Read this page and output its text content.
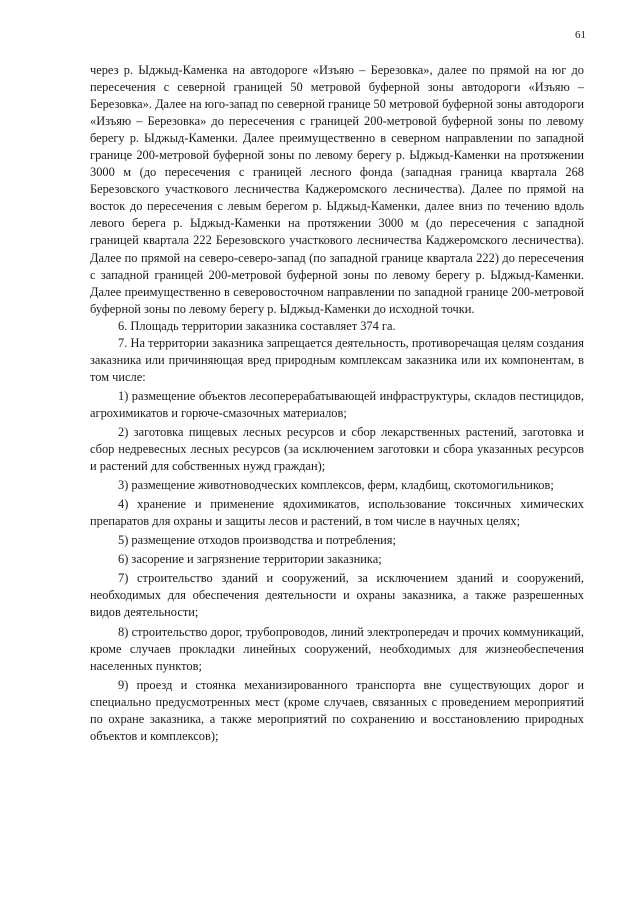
61

через р. Ыджыд-Каменка на автодороге «Изъяю – Березовка», далее по прямой на юг до пересечения с северной границей 50 метровой буферной зоны автодороги «Изъяю – Березовка». Далее на юго-запад по северной границе 50 метровой буферной зоны автодороги «Изъяю – Березовка» до пересечения с границей 200-метровой буферной зоны по левому берегу р. Ыджыд-Каменки. Далее преимущественно в северном направлении по западной границе 200-метровой буферной зоны по левому берегу р. Ыджыд-Каменки на протяжении 3000 м (до пересечения с границей лесного фонда (западная граница квартала 268 Березовского участкового лесничества Каджеромского лесничества). Далее по прямой на восток до пересечения с левым берегом р. Ыджыд-Каменки, далее вниз по течению вдоль левого берега р. Ыджыд-Каменки на протяжении 3000 м (до пересечения с западной границей квартала 222 Березовского участкового лесничества Каджеромского лесничества). Далее по прямой на северо-северо-запад (по западной границе квартала 222) до пересечения с западной границей 200-метровой буферной зоны по левому берегу р. Ыджыд-Каменки. Далее преимущественно в северовосточном направлении по западной границе 200-метровой буферной зоны по левому берегу р. Ыджыд-Каменки до исходной точки.

6. Площадь территории заказника составляет 374 га.

7. На территории заказника запрещается деятельность, противоречащая целям создания заказника или причиняющая вред природным комплексам заказника или их компонентам, в том числе:

1) размещение объектов лесоперерабатывающей инфраструктуры, складов пестицидов, агрохимикатов и горюче-смазочных материалов;

2) заготовка пищевых лесных ресурсов и сбор лекарственных растений, заготовка и сбор недревесных лесных ресурсов (за исключением заготовки и сбора указанных ресурсов и растений для собственных нужд граждан);

3) размещение животноводческих комплексов, ферм, кладбищ, скотомогильников;

4) хранение и применение ядохимикатов, использование токсичных химических препаратов для охраны и защиты лесов и растений, в том числе в научных целях;

5) размещение отходов производства и потребления;

6) засорение и загрязнение территории заказника;

7) строительство зданий и сооружений, за исключением зданий и сооружений, необходимых для обеспечения деятельности и охраны заказника, а также разрешенных видов деятельности;

8) строительство дорог, трубопроводов, линий электропередач и прочих коммуникаций, кроме случаев прокладки линейных сооружений, необходимых для жизнеобеспечения населенных пунктов;

9) проезд и стоянка механизированного транспорта вне существующих дорог и специально предусмотренных мест (кроме случаев, связанных с проведением мероприятий по охране заказника, а также мероприятий по сохранению и восстановлению природных объектов и комплексов);
